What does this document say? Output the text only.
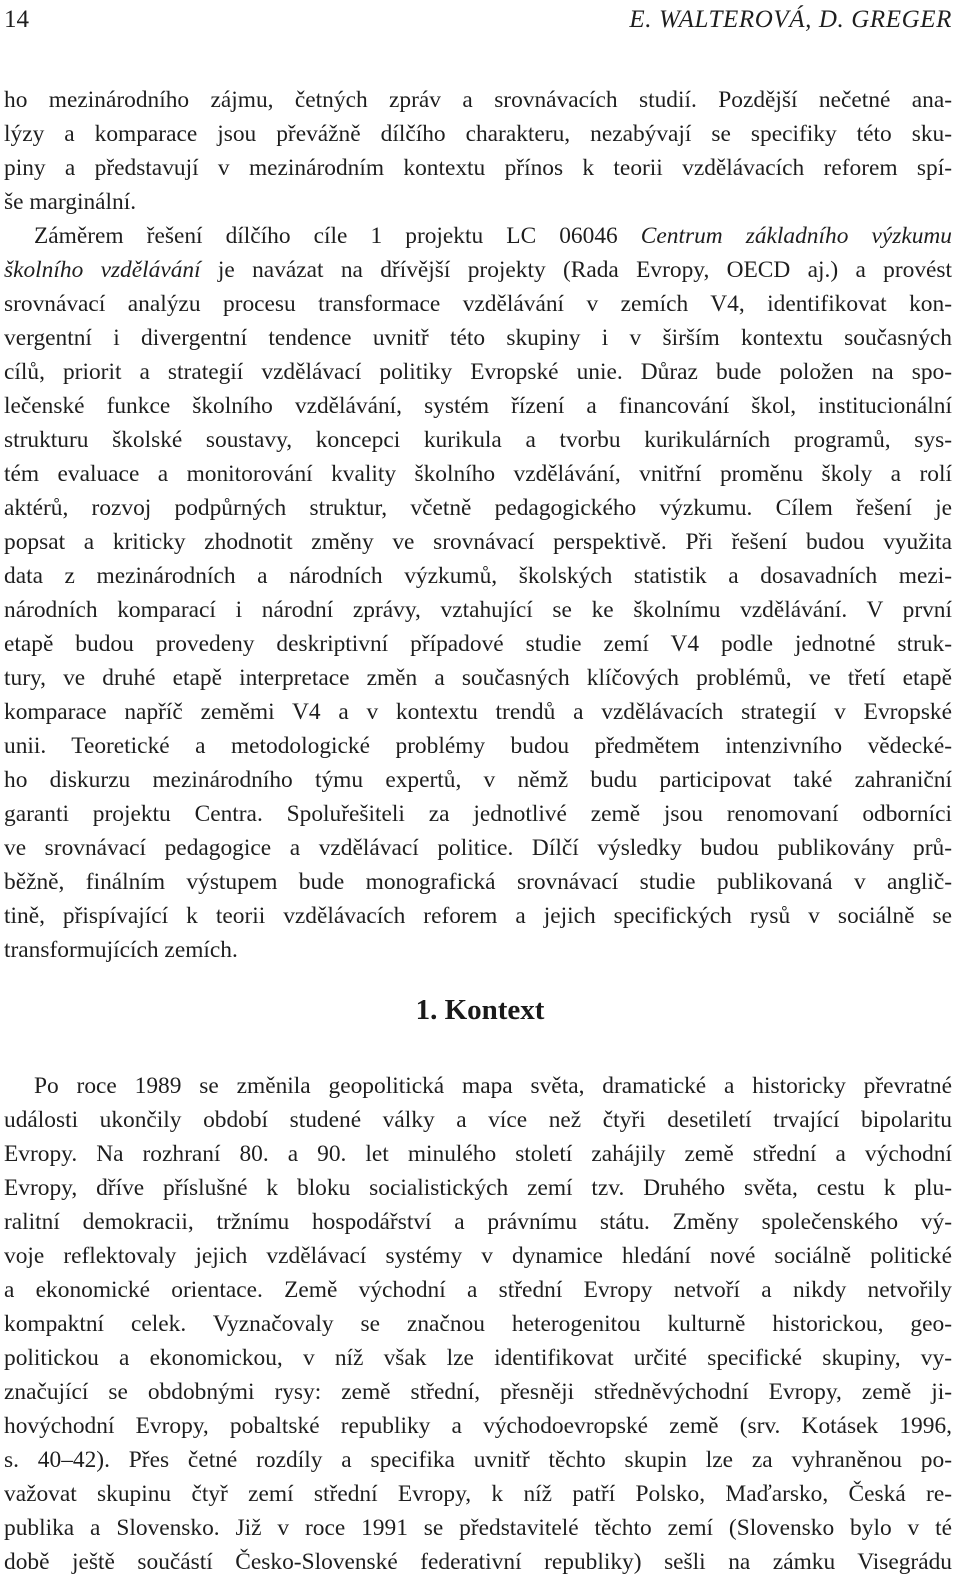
14	E. WALTEROVÁ, D. GREGER
ho mezinárodního zájmu, četných zpráv a srovnávacích studií. Pozdější nečetné ana-
lýzy a komparace jsou převážně dílčího charakteru, nezabývají se specifiky této sku-
piny a představují v mezinárodním kontextu přínos k teorii vzdělávacích reforem spí-
še marginální.
Záměrem řešení dílčího cíle 1 projektu LC 06046 Centrum základního výzkumu
školního vzdělávání je navázat na dřívější projekty (Rada Evropy, OECD aj.) a provést
srovnávací analýzu procesu transformace vzdělávání v zemích V4, identifikovat kon-
vergentní i divergentní tendence uvnitř této skupiny i v širším kontextu současných
cílů, priorit a strategií vzdělávací politiky Evropské unie. Důraz bude položen na spo-
lečenské funkce školního vzdělávání, systém řízení a financování škol, institucionální
strukturu školské soustavy, koncepci kurikula a tvorbu kurikulárních programů, sys-
tém evaluace a monitorování kvality školního vzdělávání, vnitřní proměnu školy a rolí
aktérů, rozvoj podpůrných struktur, včetně pedagogického výzkumu. Cílem řešení je
popsat a kriticky zhodnotit změny ve srovnávací perspektivě. Při řešení budou využita
data z mezinárodních a národních výzkumů, školských statistik a dosavadních mezi-
národních komparací i národní zprávy, vztahující se ke školnímu vzdělávání. V první
etapě budou provedeny deskriptivní případové studie zemí V4 podle jednotné struk-
tury, ve druhé etapě interpretace změn a současných klíčových problémů, ve třetí etapě
komparace napříč zeměmi V4 a v kontextu trendů a vzdělávacích strategií v Evropské
unii. Teoretické a metodologické problémy budou předmětem intenzivního vědecké-
ho diskurzu mezinárodního týmu expertů, v němž budu participovat také zahraniční
garanti projektu Centra. Spoluřešiteli za jednotlivé země jsou renomovaní odborníci
ve srovnávací pedagogice a vzdělávací politice. Dílčí výsledky budou publikovány prů-
běžně, finálním výstupem bude monografická srovnávací studie publikovaná v anglič-
tině, přispívající k teorii vzdělávacích reforem a jejich specifických rysů v sociálně se
transformujících zemích.
1. Kontext
Po roce 1989 se změnila geopolitická mapa světa, dramatické a historicky převratné
události ukončily období studené války a více než čtyři desetiletí trvající bipolaritu
Evropy. Na rozhraní 80. a 90. let minulého století zahájily země střední a východní
Evropy, dříve příslušné k bloku socialistických zemí tzv. Druhého světa, cestu k plu-
ralitní demokracii, tržnímu hospodářství a právnímu státu. Změny společenského vý-
voje reflektovaly jejich vzdělávací systémy v dynamice hledání nové sociálně politické
a ekonomické orientace. Země východní a střední Evropy netvoří a nikdy netvořily
kompaktní celek. Vyznačovaly se značnou heterogenitou kulturně historickou, geo-
politickou a ekonomickou, v níž však lze identifikovat určité specifické skupiny, vy-
značující se obdobnými rysy: země střední, přesněji středněvýchodní Evropy, země ji-
hovýchodní Evropy, pobaltské republiky a východoevropské země (srv. Kotásek 1996,
s. 40–42). Přes četné rozdíly a specifika uvnitř těchto skupin lze za vyhraněnou po-
važovat skupinu čtyř zemí střední Evropy, k níž patří Polsko, Maďarsko, Česká re-
publika a Slovensko. Již v roce 1991 se představitelé těchto zemí (Slovensko bylo v té
době ještě součástí Česko-Slovenské federativní republiky) sešli na zámku Visegrádu
